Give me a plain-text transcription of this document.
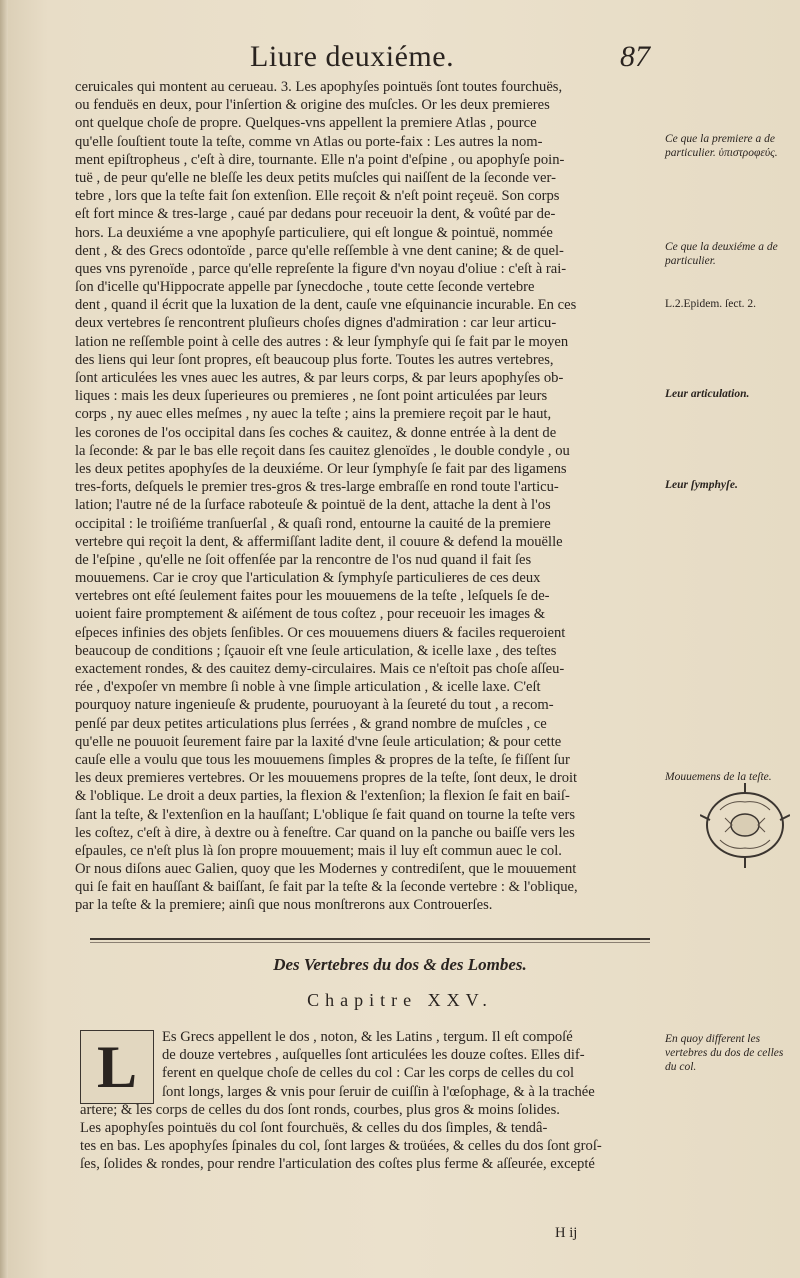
Liure deuxiéme.	87
ceruicales qui montent au cerueau. 3. Les apophyſes pointuës ſont toutes fourchuës,
ou fenduës en deux, pour l'inſertion & origine des muſcles. Or les deux premieres
ont quelque choſe de propre. Quelques-vns appellent la premiere Atlas , pource
qu'elle ſouſtient toute la teſte, comme vn Atlas ou porte-faix : Les autres la nom-
ment epiſtropheus , c'eſt à dire, tournante. Elle n'a point d'eſpine , ou apophyſe poin-
tuë , de peur qu'elle ne bleſſe les deux petits muſcles qui naiſſent de la ſeconde ver-
tebre , lors que la teſte fait ſon extenſion. Elle reçoit & n'eſt point reçeuë. Son corps
eſt fort mince & tres-large , caué par dedans pour receuoir la dent, & voûté par de-
hors. La deuxiéme a vne apophyſe particuliere, qui eſt longue & pointuë, nommée
dent , & des Grecs odontoïde , parce qu'elle reſſemble à vne dent canine; & de quel-
ques vns pyrenoïde , parce qu'elle repreſente la figure d'vn noyau d'oliue : c'eſt à rai-
ſon d'icelle qu'Hippocrate appelle par ſynecdoche , toute cette ſeconde vertebre
dent , quand il écrit que la luxation de la dent, cauſe vne eſquinancie incurable. En ces
deux vertebres ſe rencontrent pluſieurs choſes dignes d'admiration : car leur articu-
lation ne reſſemble point à celle des autres : & leur ſymphyſe qui ſe fait par le moyen
des liens qui leur ſont propres, eſt beaucoup plus forte. Toutes les autres vertebres,
ſont articulées les vnes auec les autres, & par leurs corps, & par leurs apophyſes ob-
liques : mais les deux ſuperieures ou premieres , ne ſont point articulées par leurs
corps , ny auec elles meſmes , ny auec la teſte ; ains la premiere reçoit par le haut,
les corones de l'os occipital dans ſes coches & cauitez, & donne entrée à la dent de
la ſeconde: & par le bas elle reçoit dans ſes cauitez glenoïdes , le double condyle , ou
les deux petites apophyſes de la deuxiéme. Or leur ſymphyſe ſe fait par des ligamens
tres-forts, deſquels le premier tres-gros & tres-large embraſſe en rond toute l'articu-
lation; l'autre né de la ſurface raboteuſe & pointuë de la dent, attache la dent à l'os
occipital : le troiſiéme tranſuerſal , & quaſi rond, entourne la cauité de la premiere
vertebre qui reçoit la dent, & affermiſſant ladite dent, il couure & defend la mouëlle
de l'eſpine , qu'elle ne ſoit offenſée par la rencontre de l'os nud quand il fait ſes
mouuemens. Car ie croy que l'articulation & ſymphyſe particulieres de ces deux
vertebres ont eſté ſeulement faites pour les mouuemens de la teſte , leſquels ſe de-
uoient faire promptement & aiſément de tous coſtez , pour receuoir les images &
eſpeces infinies des objets ſenſibles. Or ces mouuemens diuers & faciles requeroient
beaucoup de conditions ; ſçauoir eſt vne ſeule articulation, & icelle laxe , des teſtes
exactement rondes, & des cauitez demy-circulaires. Mais ce n'eſtoit pas choſe aſſeu-
rée , d'expoſer vn membre ſi noble à vne ſimple articulation , & icelle laxe. C'eſt
pourquoy nature ingenieuſe & prudente, pouruoyant à la ſeureté du tout , a recom-
penſé par deux petites articulations plus ſerrées , & grand nombre de muſcles , ce
qu'elle ne pouuoit ſeurement faire par la laxité d'vne ſeule articulation; & pour cette
cauſe elle a voulu que tous les mouuemens ſimples & propres de la teſte, ſe fiſſent ſur
les deux premieres vertebres. Or les mouuemens propres de la teſte, ſont deux, le droit
& l'oblique. Le droit a deux parties, la flexion & l'extenſion; la flexion ſe fait en baiſ-
ſant la teſte, & l'extenſion en la hauſſant; L'oblique ſe fait quand on tourne la teſte vers
les coſtez, c'eſt à dire, à dextre ou à feneſtre. Car quand on la panche ou baiſſe vers les
eſpaules, ce n'eſt plus là ſon propre mouuement; mais il luy eſt commun auec le col.
Or nous diſons auec Galien, quoy que les Modernes y contrediſent, que le mouuement
qui ſe fait en hauſſant & baiſſant, ſe fait par la teſte & la ſeconde vertebre : & l'oblique,
par la teſte & la premiere; ainſi que nous monſtrerons aux Controuerſes.
Ce que la premiere a de particulier. ὑπιστροφεύς.
Ce que la deuxiéme a de particulier.
L.2.Epidem. ſect. 2.
Leur articulation.
Leur ſymphyſe.
Mouuemens de la teſte.
En quoy different les vertebres du dos de celles du col.
Des Vertebres du dos & des Lombes.
Chapitre XXV.
L	Es Grecs appellent le dos , noton, & les Latins , tergum. Il eſt compoſé
de douze vertebres , auſquelles ſont articulées les douze coſtes. Elles dif-
ferent en quelque choſe de celles du col : Car les corps de celles du col
ſont longs, larges & vnis pour ſeruir de cuiſſin à l'œſophage, & à la trachée
artere; & les corps de celles du dos ſont ronds, courbes, plus gros & moins ſolides.
Les apophyſes pointuës du col ſont fourchuës, & celles du dos ſimples, & tendâ-
tes en bas. Les apophyſes ſpinales du col, ſont larges & troüées, & celles du dos ſont groſ-
ſes, ſolides & rondes, pour rendre l'articulation des coſtes plus ferme & aſſeurée, excepté
H ij
